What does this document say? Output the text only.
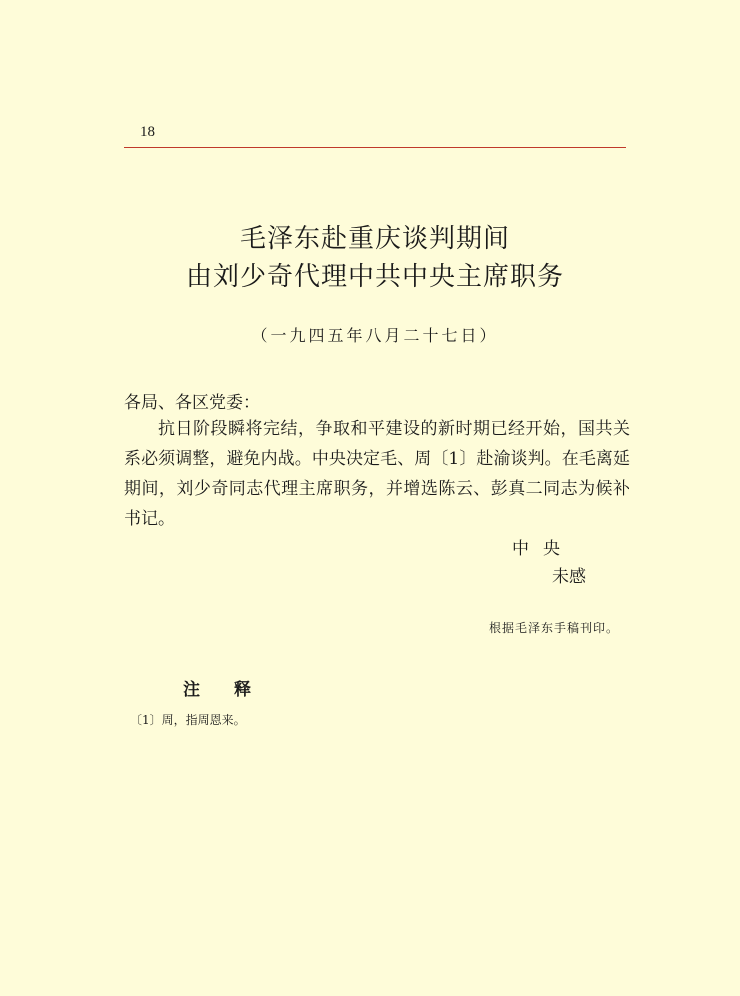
18
毛泽东赴重庆谈判期间
由刘少奇代理中共中央主席职务
（一九四五年八月二十七日）
各局、各区党委：

抗日阶段瞬将完结，争取和平建设的新时期已经开始，国共关系必须调整，避免内战。中央决定毛、周〔1〕赴渝谈判。在毛离延期间，刘少奇同志代理主席职务，并增选陈云、彭真二同志为候补书记。

中央
未感
根据毛泽东手稿刊印。
注释
〔1〕周，指周恩来。
